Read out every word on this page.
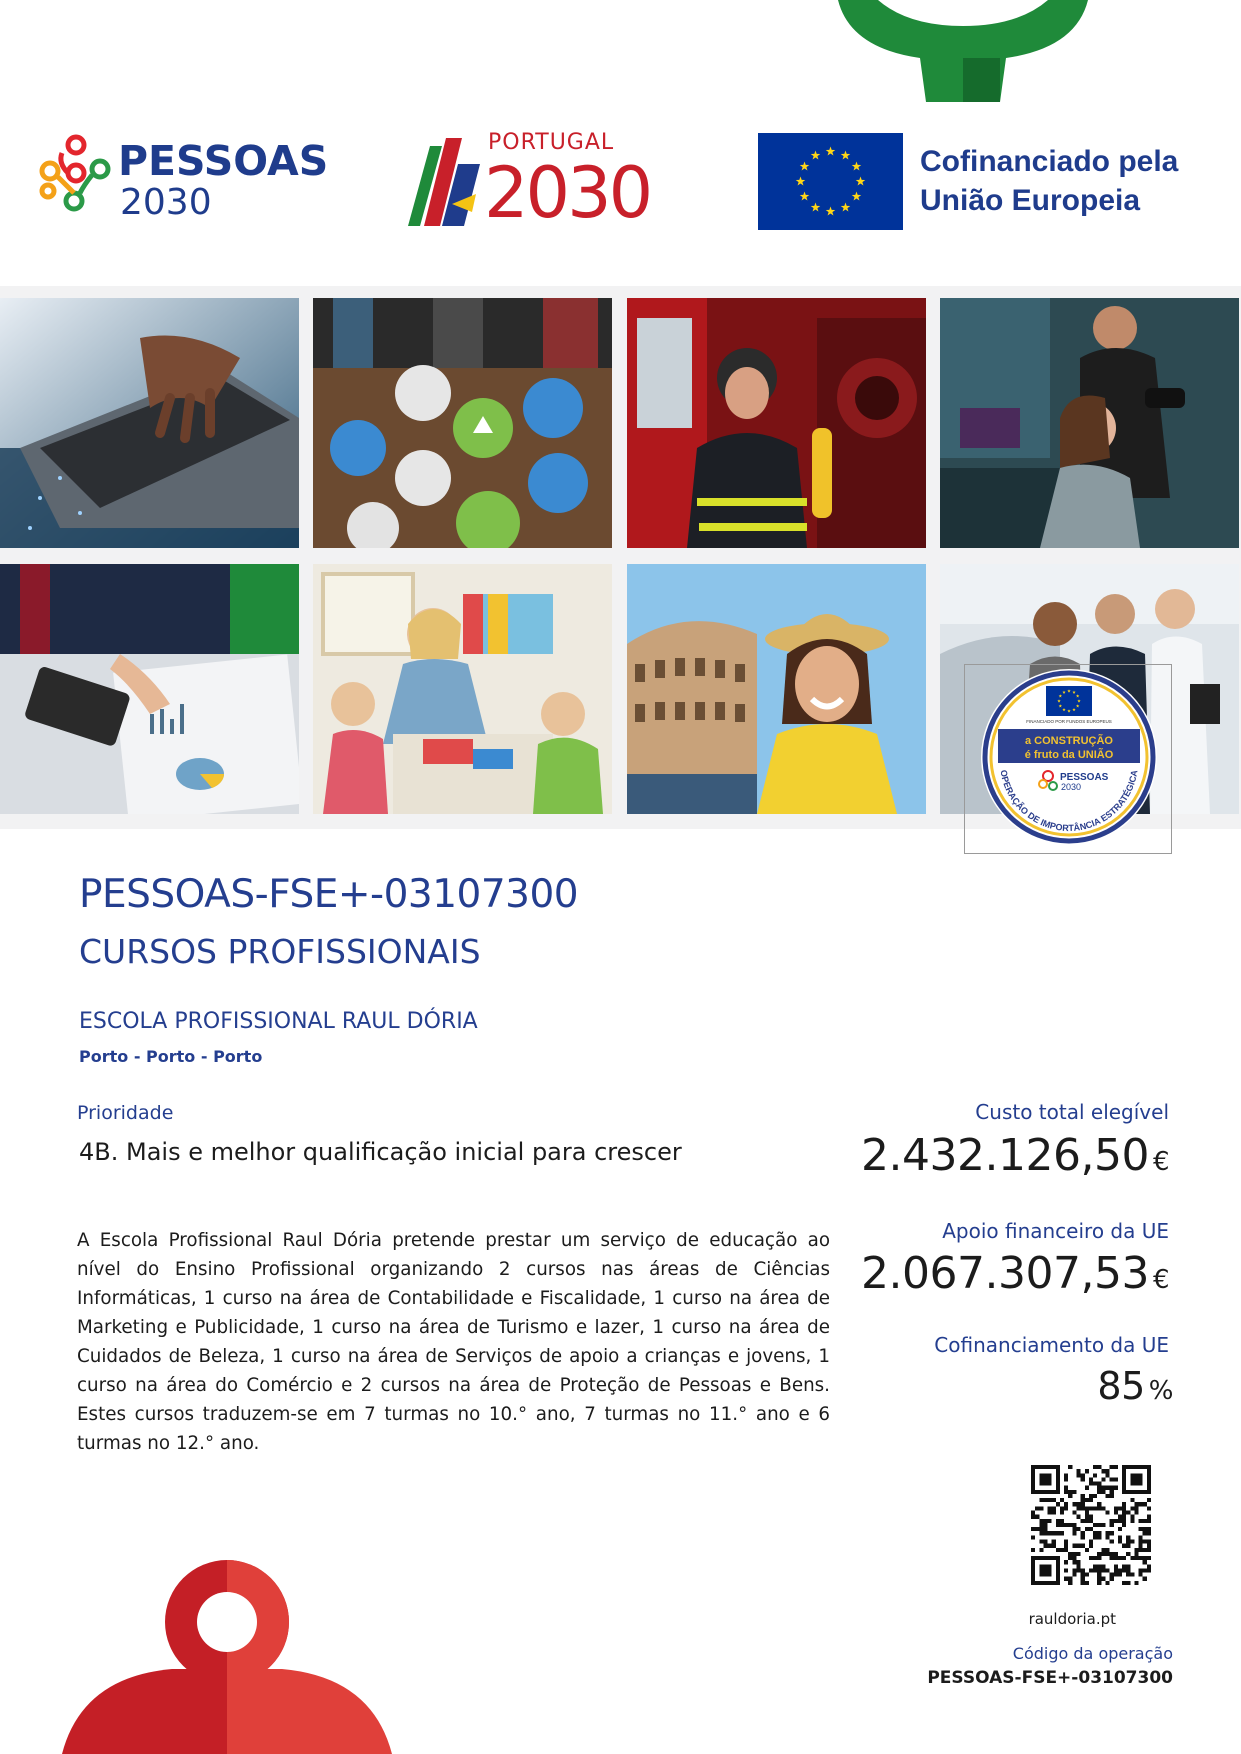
PESSOAS
2030
PORTUGAL
2030	Cofinanciado pela
União Europeia
FINANCIADO POR FUNDOS EUROPEUS
a CONSTRUÇÃO
é fruto da UNIÃO
PESSOAS
2030
OPERAÇÃO DE IMPORTÂNCIA ESTRATÉGICA
PESSOAS-FSE+-03107300
CURSOS PROFISSIONAIS
ESCOLA PROFISSIONAL RAUL DÓRIA
Porto - Porto - Porto
Prioridade
4B. Mais e melhor qualificação inicial para crescer
A Escola Profissional Raul Dória pretende prestar um serviço de educação ao nível do Ensino Profissional organizando 2 cursos nas áreas de Ciências Informáticas, 1 curso na área de Contabilidade e Fiscalidade, 1 curso na área de Marketing e Publicidade, 1 curso na área de Turismo e lazer, 1 curso na área de Cuidados de Beleza, 1 curso na área de Serviços de apoio a crianças e jovens, 1 curso na área do Comércio e 2 cursos na área de Proteção de Pessoas e Bens. Estes cursos traduzem-se em 7 turmas no 10.° ano, 7 turmas no 11.° ano e 6 turmas no 12.° ano.
Custo total elegível
2.432.126,50 €
Apoio financeiro da UE
2.067.307,53 €
Cofinanciamento da UE
85 %
rauldoria.pt
Código da operação
PESSOAS-FSE+-03107300
